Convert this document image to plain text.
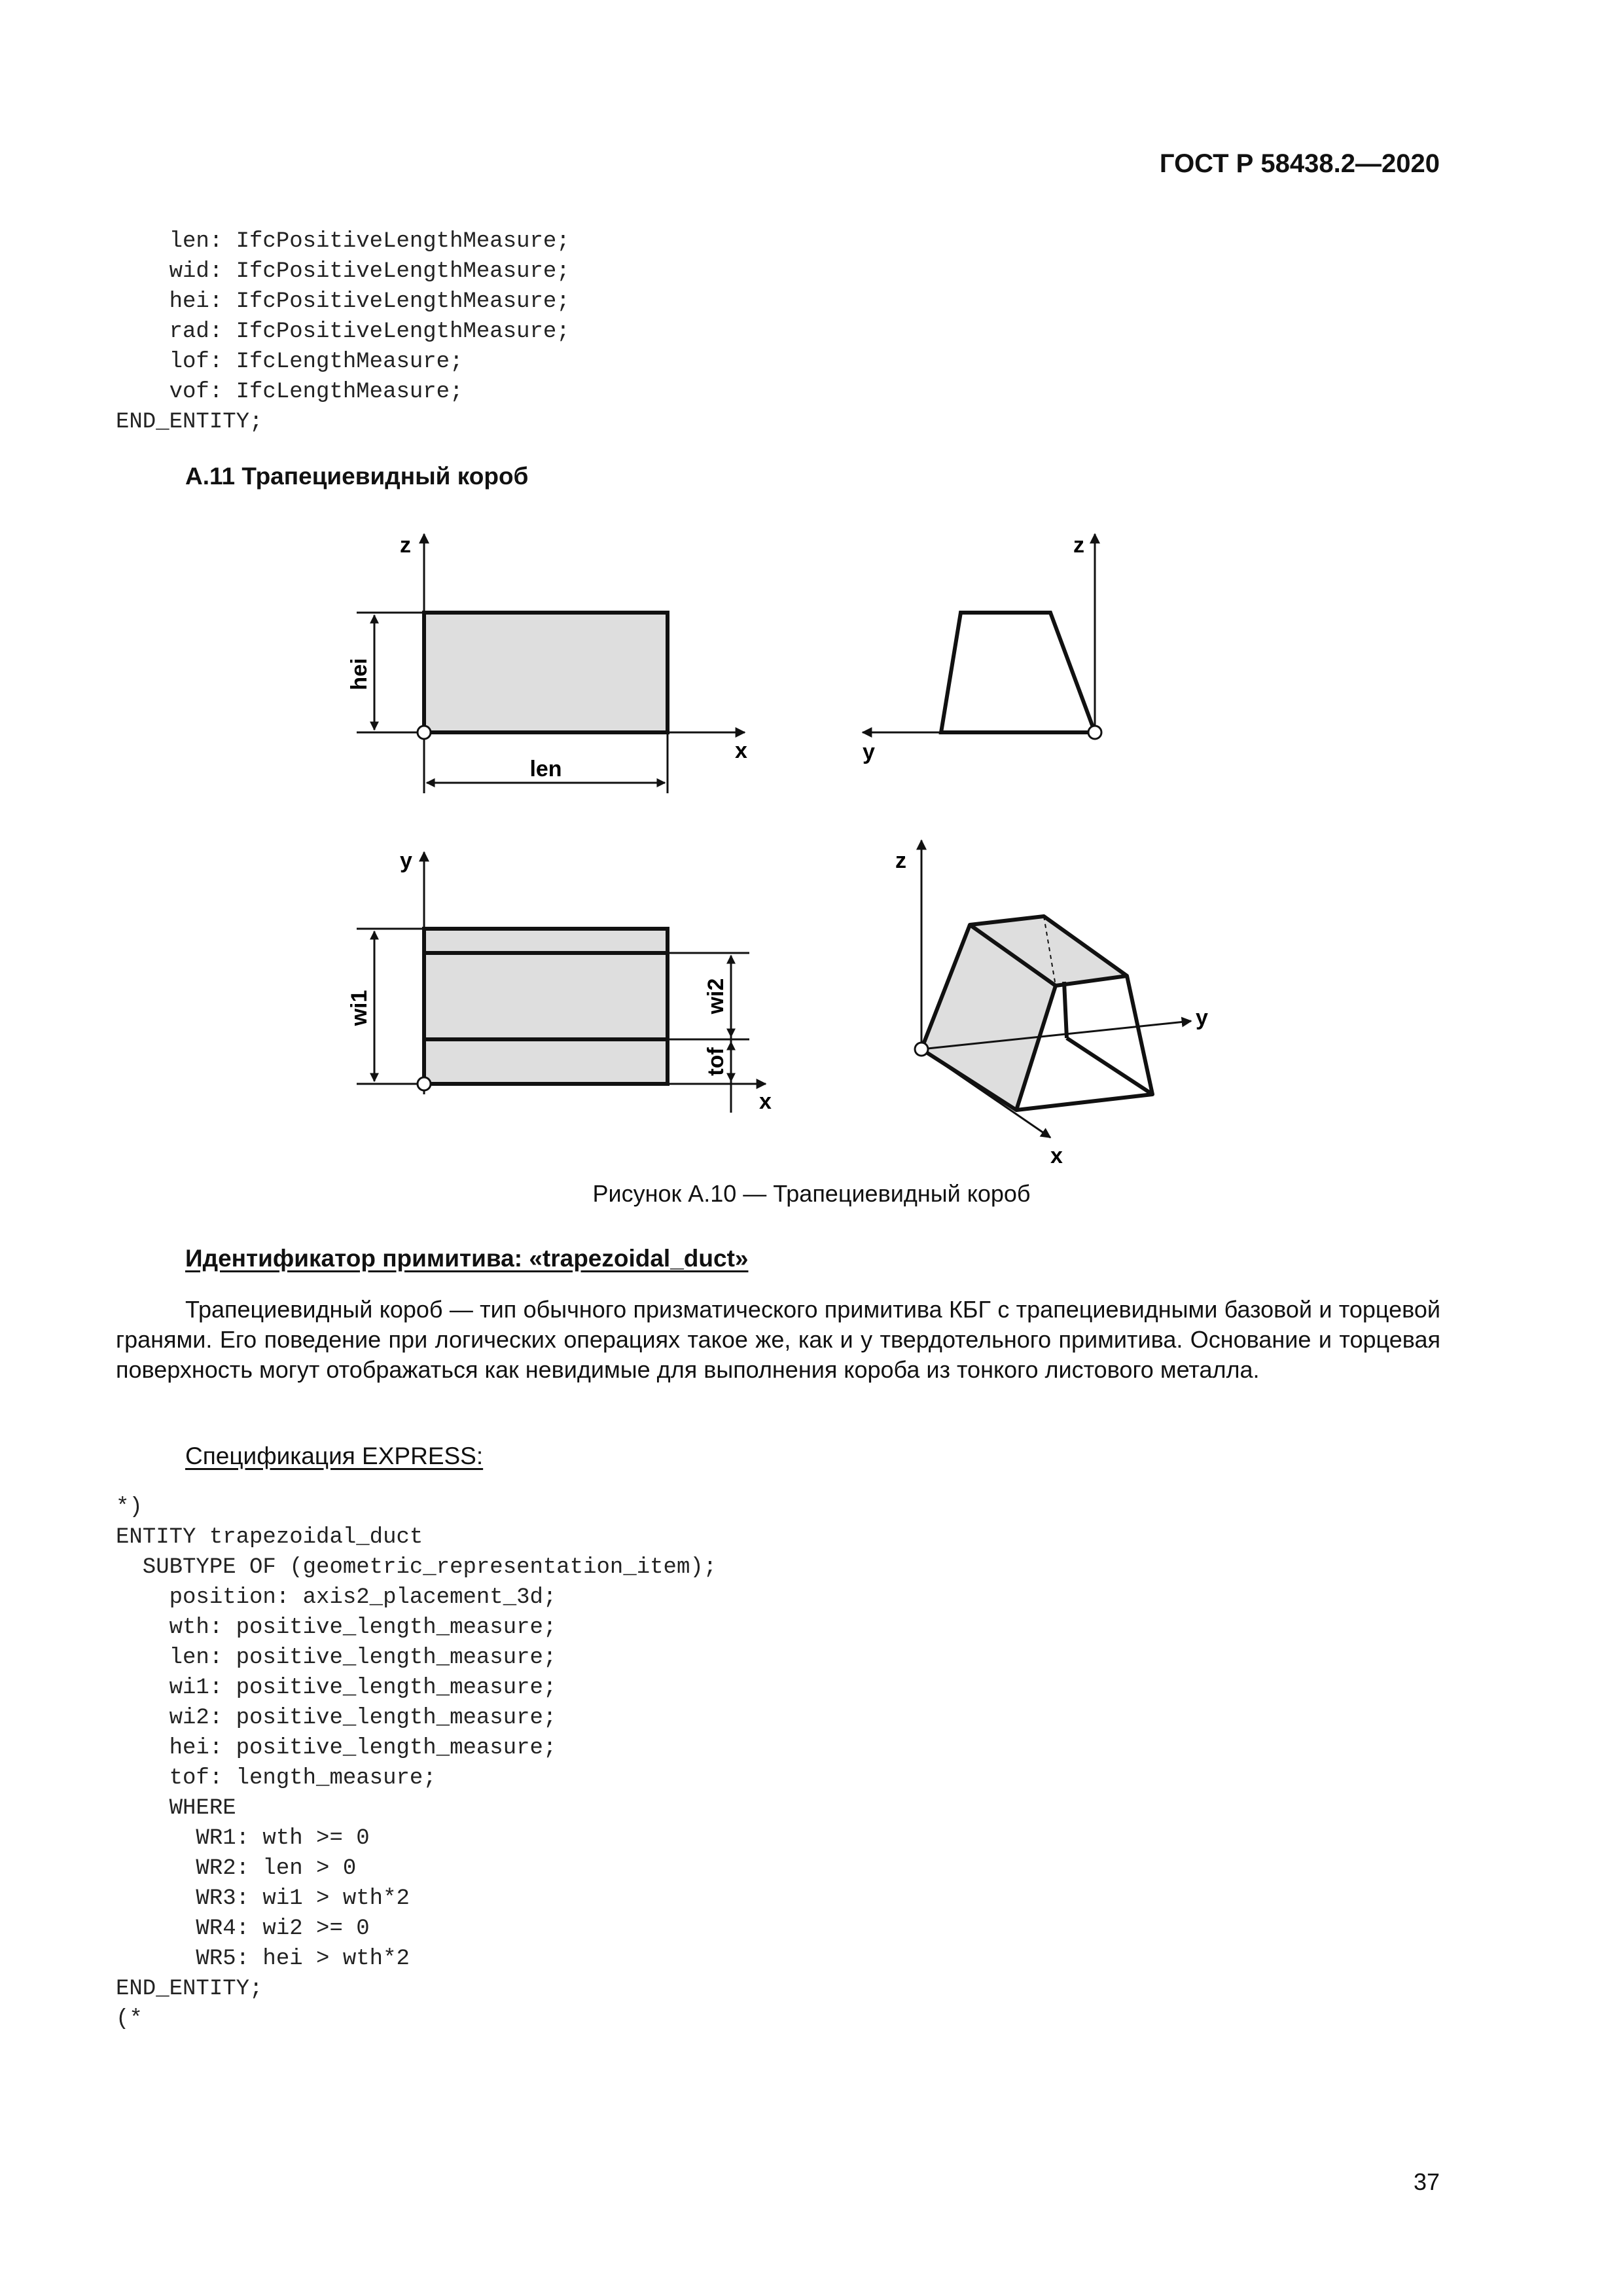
ГОСТ Р 58438.2—2020
len: IfcPositiveLengthMeasure;
wid: IfcPositiveLengthMeasure;
hei: IfcPositiveLengthMeasure;
rad: IfcPositiveLengthMeasure;
lof: IfcLengthMeasure;
vof: IfcLengthMeasure;
END_ENTITY;
А.11 Трапециевидный короб
z
x
hei
len
z
y
y
x
wi1	wi2
tof
z
y
x
Рисунок А.10 — Трапециевидный короб
Идентификатор примитива: «trapezoidal_duct»

Трапециевидный короб — тип обычного призматического примитива КБГ с трапециевидными базовой и торцевой гранями. Его поведение при логических операциях такое же, как и у твердотельного примитива. Основание и торцевая поверхность могут отображаться как невидимые для выполнения короба из тонкого листового металла.

Спецификация EXPRESS:
*)
ENTITY trapezoidal_duct
SUBTYPE OF (geometric_representation_item);
position: axis2_placement_3d;
wth: positive_length_measure;
len: positive_length_measure;
wi1: positive_length_measure;
wi2: positive_length_measure;
hei: positive_length_measure;
tof: length_measure;
WHERE
WR1: wth >= 0
WR2: len > 0
WR3: wi1 > wth*2
WR4: wi2 >= 0
WR5: hei > wth*2
END_ENTITY;
(*
37
